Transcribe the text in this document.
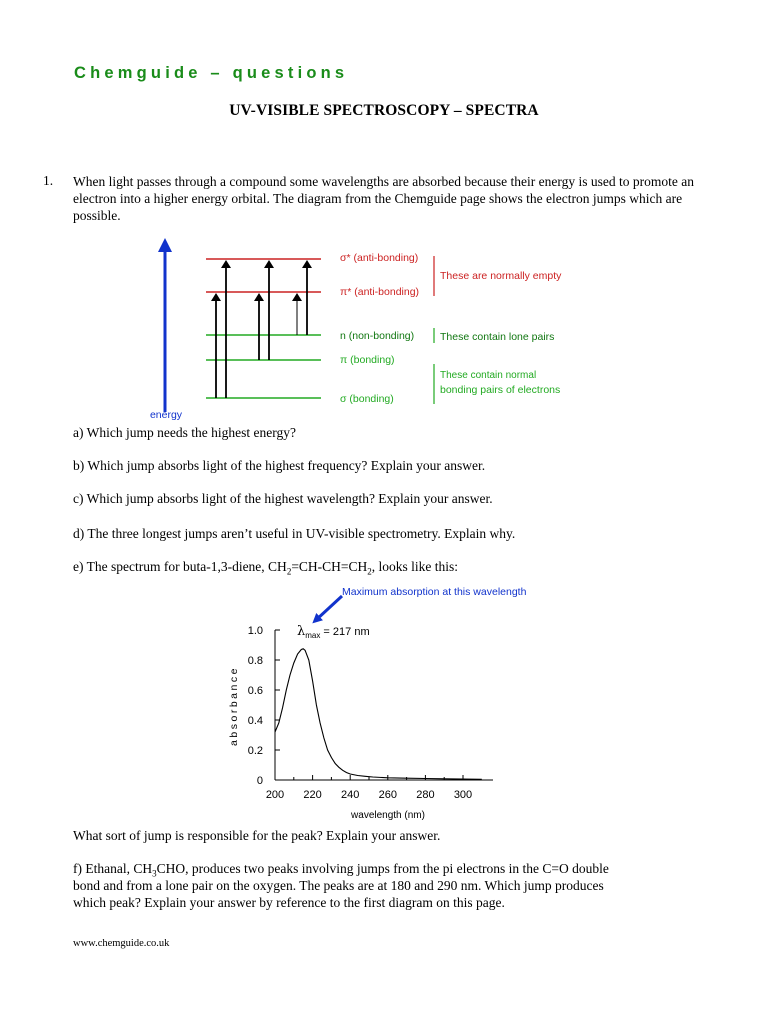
Chemguide – questions
UV-VISIBLE SPECTROSCOPY – SPECTRA
1. When light passes through a compound some wavelengths are absorbed because their energy is used to promote an electron into a higher energy orbital. The diagram from the Chemguide page shows the electron jumps which are possible.
energy
σ* (anti-bonding)
π* (anti-bonding)
n (non-bonding)
π (bonding)
σ (bonding)
These are normally empty
These contain lone pairs
These contain normal
bonding pairs of electrons
a) Which jump needs the highest energy?
b) Which jump absorbs light of the highest frequency? Explain your answer.
c) Which jump absorbs light of the highest wavelength? Explain your answer.
d) The three longest jumps aren’t useful in UV-visible spectrometry. Explain why.
e) The spectrum for buta-1,3-diene, $CH_2=CH-CH=CH_2$, looks like this:
Maximum absorption at this wavelength
$\lambda_{max} = 217$ nm
absorbance
wavelength (nm)
200 220 240 260 280 300
0
0.2
0.4
0.6
0.8
1.0
What sort of jump is responsible for the peak? Explain your answer.
f) Ethanal, $CH_3CHO$, produces two peaks involving jumps from the pi electrons in the C=O double
bond and from a lone pair on the oxygen. The peaks are at 180 and 290 nm. Which jump produces
which peak? Explain your answer by reference to the first diagram on this page.
www.chemguide.co.uk
